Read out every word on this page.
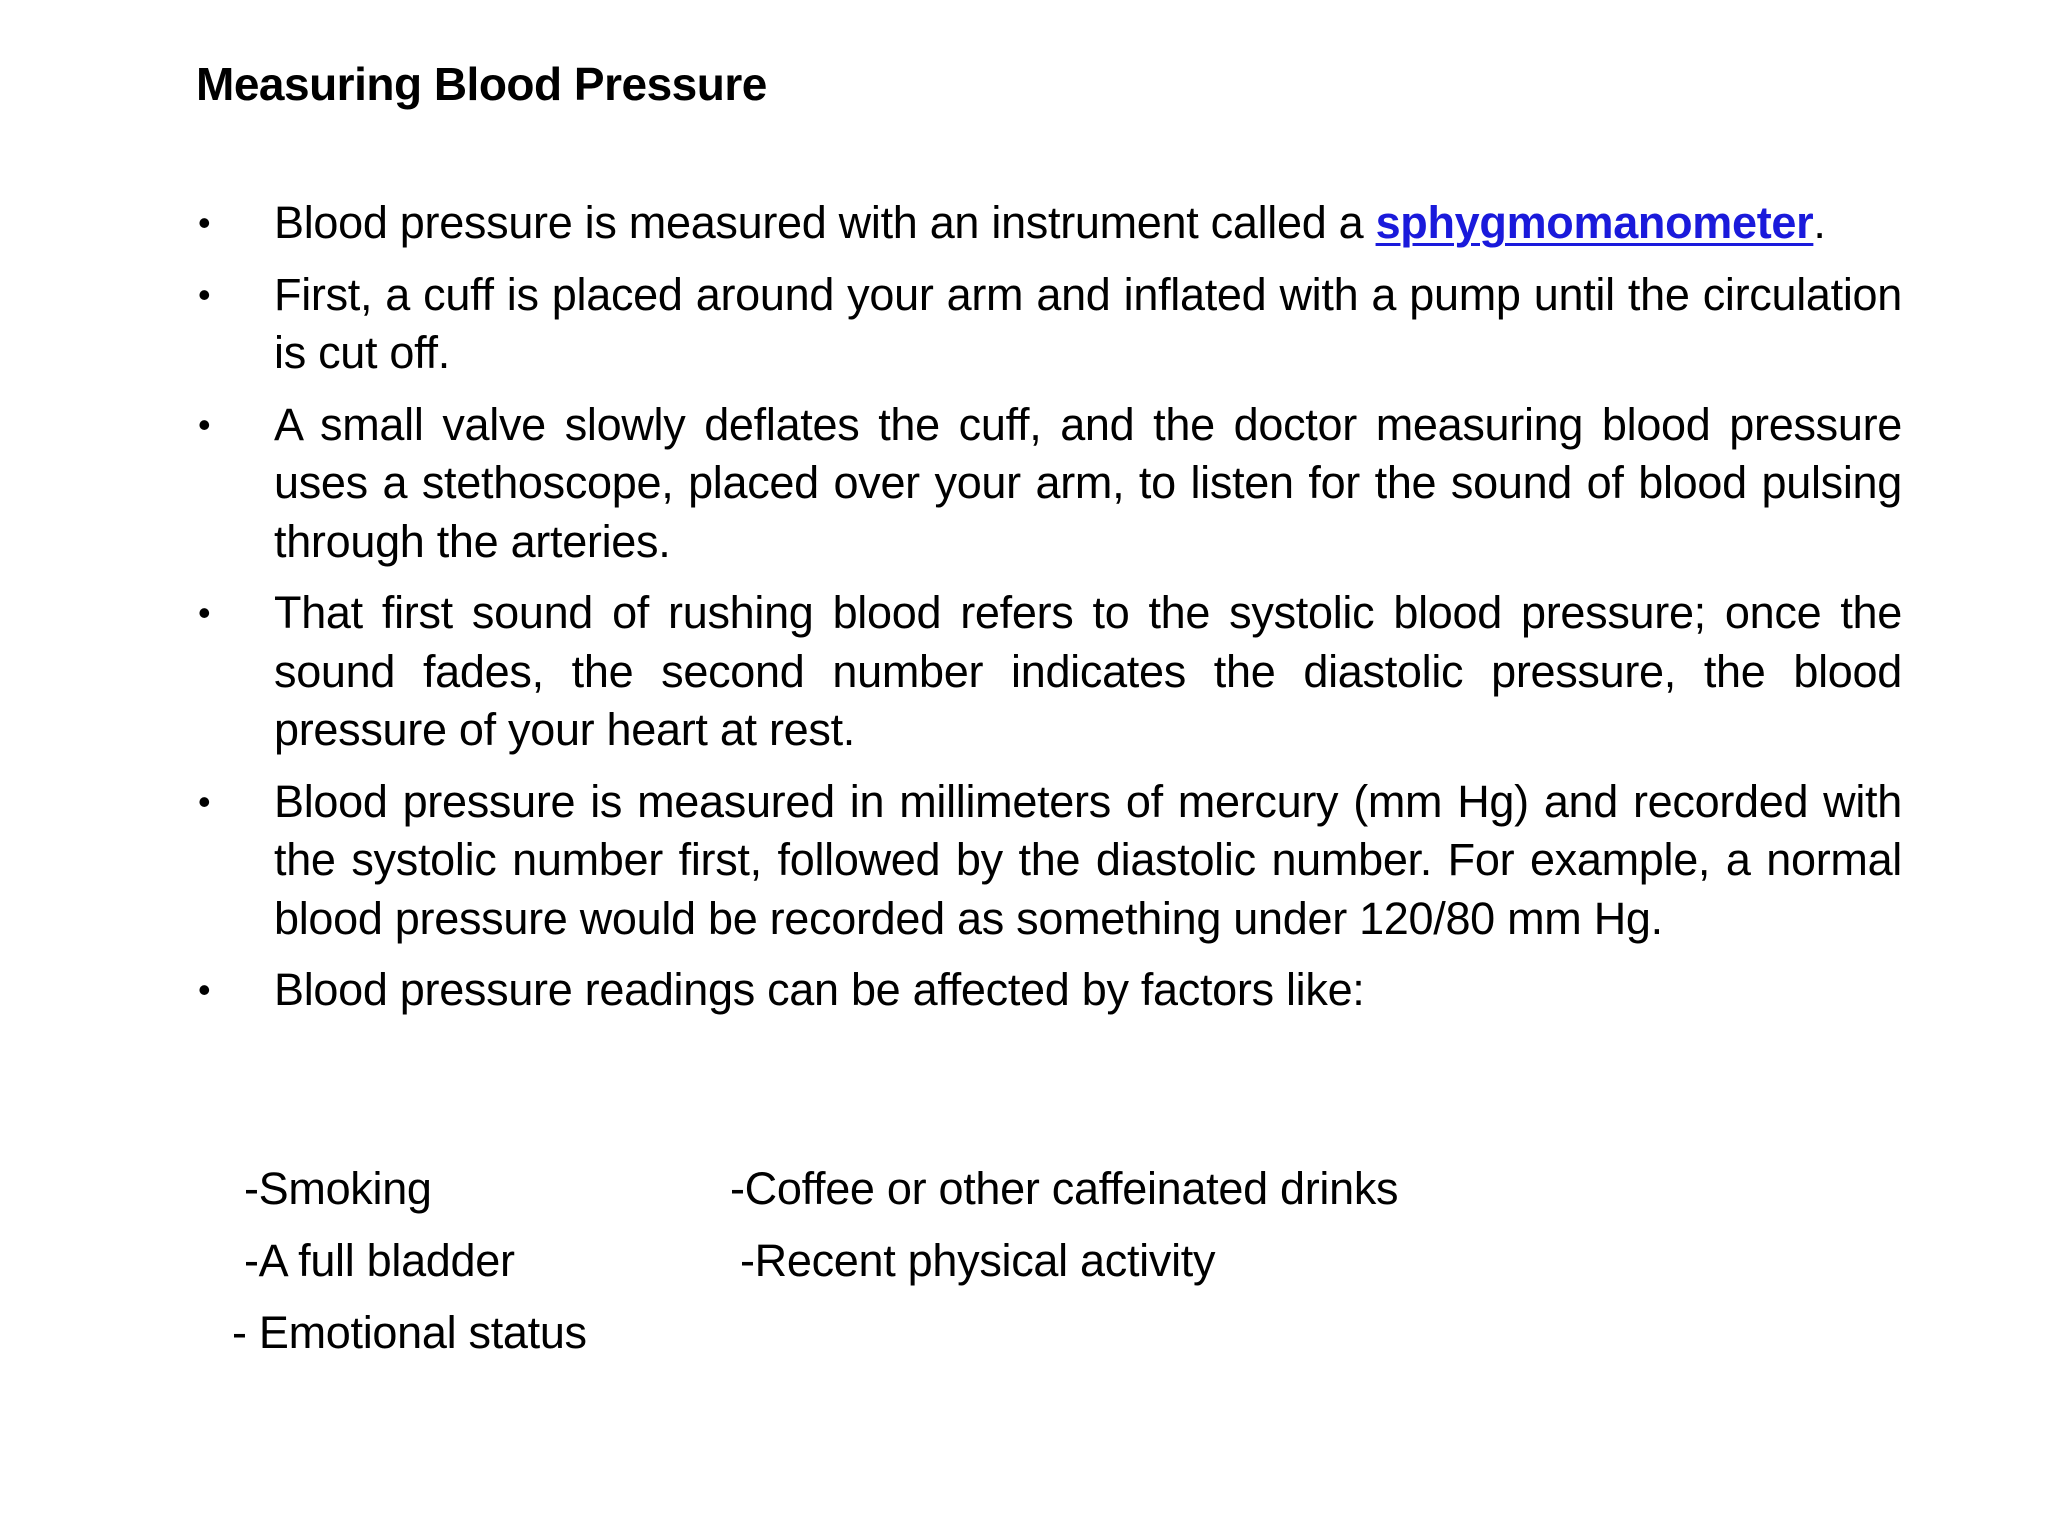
Measuring Blood Pressure
•	Blood pressure is measured with an instrument called a sphygmomanometer.
•	First, a cuff is placed around your arm and inflated with a pump until the circulation is cut off.
•	A small valve slowly deflates the cuff, and the doctor measuring blood pressure uses a stethoscope, placed over your arm, to listen for the sound of blood pulsing through the arteries.
•	That first sound of rushing blood refers to the systolic blood pressure; once the sound fades, the second number indicates the diastolic pressure, the blood pressure of your heart at rest.
•	Blood pressure is measured in millimeters of mercury (mm Hg) and recorded with the systolic number first, followed by the diastolic number. For example, a normal blood pressure would be recorded as something under 120/80 mm Hg.
•	Blood pressure readings can be affected by factors like:
-Smoking	-Coffee or other caffeinated drinks
-A full bladder	-Recent physical activity
- Emotional status
